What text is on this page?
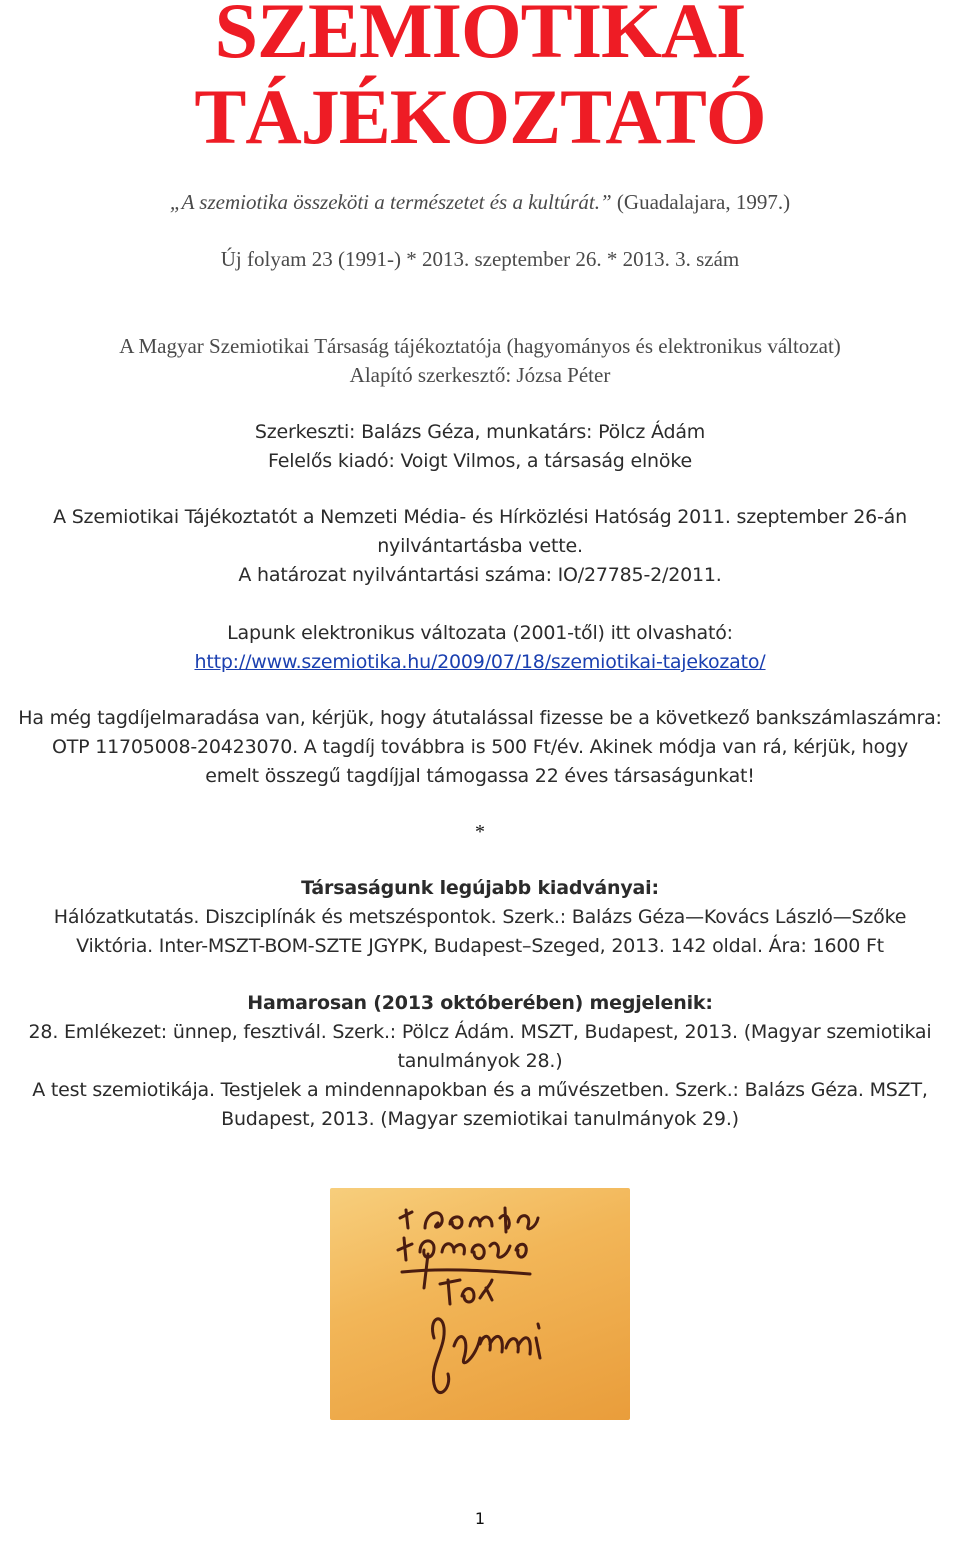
SZEMIOTIKAI
TÁJÉKOZTATÓ
„A szemiotika összeköti a természetet és a kultúrát.” (Guadalajara, 1997.)
Új folyam 23 (1991-) * 2013. szeptember 26. * 2013. 3. szám
A Magyar Szemiotikai Társaság tájékoztatója (hagyományos és elektronikus változat)
Alapító szerkesztő: Józsa Péter
Szerkeszti: Balázs Géza, munkatárs: Pölcz Ádám
Felelős kiadó: Voigt Vilmos, a társaság elnöke
A Szemiotikai Tájékoztatót a Nemzeti Média- és Hírközlési Hatóság 2011. szeptember 26-án
nyilvántartásba vette.
A határozat nyilvántartási száma: IO/27785-2/2011.
Lapunk elektronikus változata (2001-től) itt olvasható:
http://www.szemiotika.hu/2009/07/18/szemiotikai-tajekozato/
Ha még tagdíjelmaradása van, kérjük, hogy átutalással fizesse be a következő bankszámlaszámra:
OTP 11705008-20423070. A tagdíj továbbra is 500 Ft/év. Akinek módja van rá, kérjük, hogy
emelt összegű tagdíjjal támogassa 22 éves társaságunkat!
*
Társaságunk legújabb kiadványai:
Hálózatkutatás. Diszciplínák és metszéspontok. Szerk.: Balázs Géza—Kovács László—Szőke
Viktória. Inter-MSZT-BOM-SZTE JGYPK, Budapest–Szeged, 2013. 142 oldal. Ára: 1600 Ft
Hamarosan (2013 októberében) megjelenik:
28. Emlékezet: ünnep, fesztivál. Szerk.: Pölcz Ádám. MSZT, Budapest, 2013. (Magyar szemiotikai
tanulmányok 28.)
A test szemiotikája. Testjelek a mindennapokban és a művészetben. Szerk.: Balázs Géza. MSZT,
Budapest, 2013. (Magyar szemiotikai tanulmányok 29.)
1
